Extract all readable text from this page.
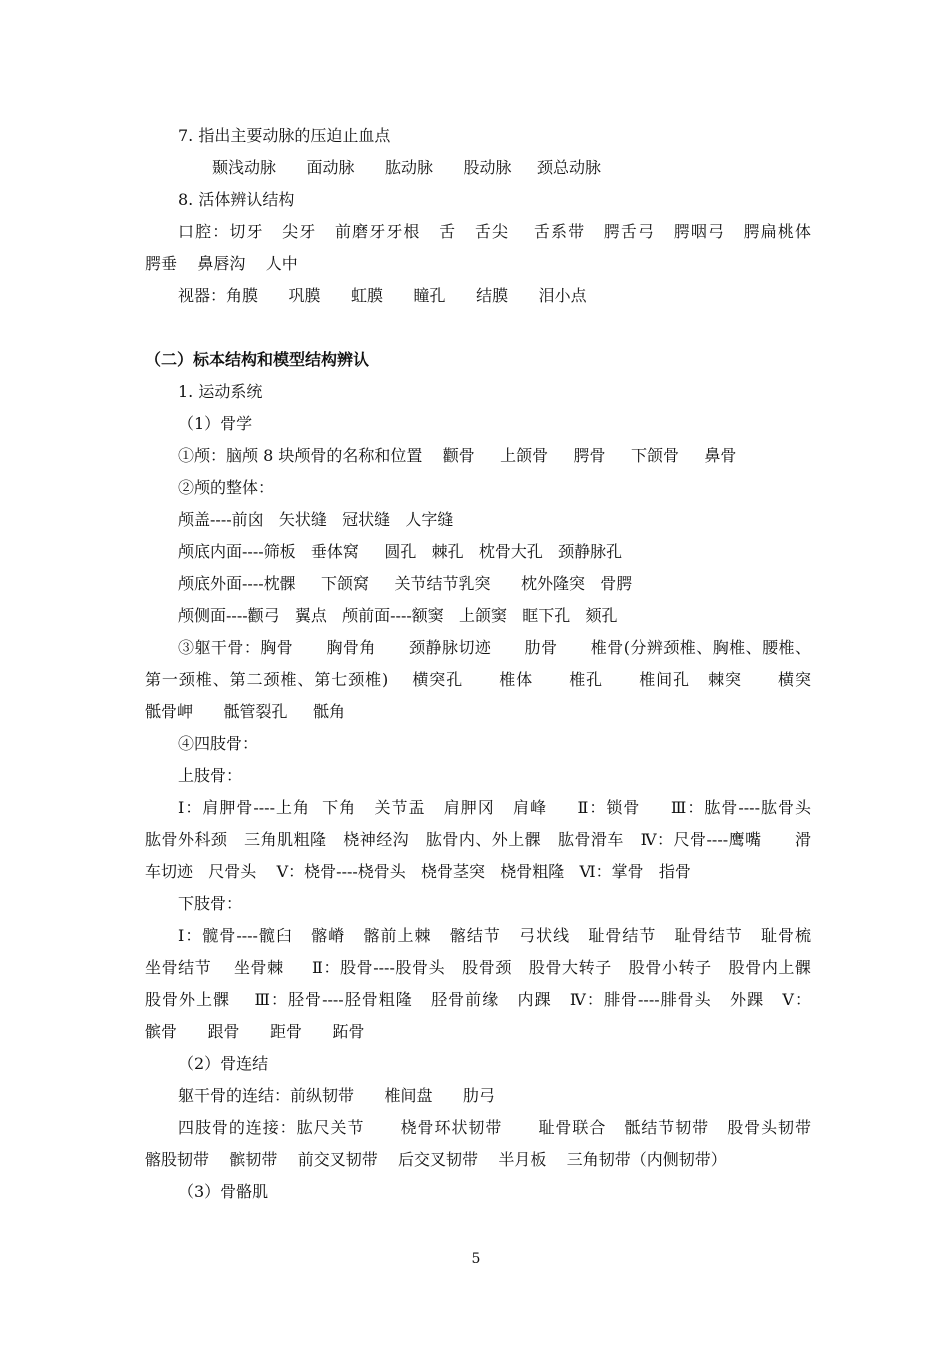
7. 指出主要动脉的压迫止血点
颞浅动脉      面动脉      肱动脉      股动脉     颈总动脉
8. 活体辨认结构
口腔：切牙   尖牙   前磨牙牙根   舌   舌尖    舌系带   腭舌弓   腭咽弓   腭扁桃体
腭垂    鼻唇沟    人中
视器：角膜      巩膜      虹膜      瞳孔      结膜      泪小点
（二）标本结构和模型结构辨认
1. 运动系统
（1）骨学
①颅：脑颅 8 块颅骨的名称和位置    颧骨     上颌骨     腭骨     下颌骨     鼻骨
②颅的整体：
颅盖----前囟   矢状缝   冠状缝   人字缝
颅底内面----筛板   垂体窝     圆孔   棘孔   枕骨大孔   颈静脉孔
颅底外面----枕髁     下颌窝     关节结节乳突      枕外隆突   骨腭
颅侧面----颧弓   翼点   颅前面----额窦   上颌窦   眶下孔   颏孔
③躯干骨：胸骨      胸骨角      颈静脉切迹      肋骨      椎骨(分辨颈椎、胸椎、腰椎、
第一颈椎、第二颈椎、第七颈椎)    横突孔      椎体      椎孔      椎间孔   棘突      横突
骶骨岬      骶管裂孔     骶角
④四肢骨：
上肢骨：
Ⅰ：肩胛骨----上角  下角   关节盂   肩胛冈   肩峰     Ⅱ：锁骨     Ⅲ：肱骨----肱骨头
肱骨外科颈   三角肌粗隆   桡神经沟   肱骨内、外上髁   肱骨滑车   Ⅳ：尺骨----鹰嘴      滑
车切迹   尺骨头    Ⅴ：桡骨----桡骨头   桡骨茎突   桡骨粗隆   Ⅵ：掌骨   指骨
下肢骨：
Ⅰ：髋骨----髋臼   髂嵴   髂前上棘   髂结节   弓状线   耻骨结节   耻骨结节   耻骨梳
坐骨结节    坐骨棘     Ⅱ：股骨----股骨头   股骨颈   股骨大转子   股骨小转子   股骨内上髁
股骨外上髁    Ⅲ：胫骨----胫骨粗隆   胫骨前缘   内踝   Ⅳ：腓骨----腓骨头   外踝   Ⅴ：
髌骨      跟骨      距骨      跖骨
（2）骨连结
躯干骨的连结：前纵韧带      椎间盘      肋弓
四肢骨的连接：肱尺关节      桡骨环状韧带      耻骨联合   骶结节韧带   股骨头韧带
髂股韧带    髌韧带    前交叉韧带    后交叉韧带    半月板    三角韧带（内侧韧带）
（3）骨骼肌
5
